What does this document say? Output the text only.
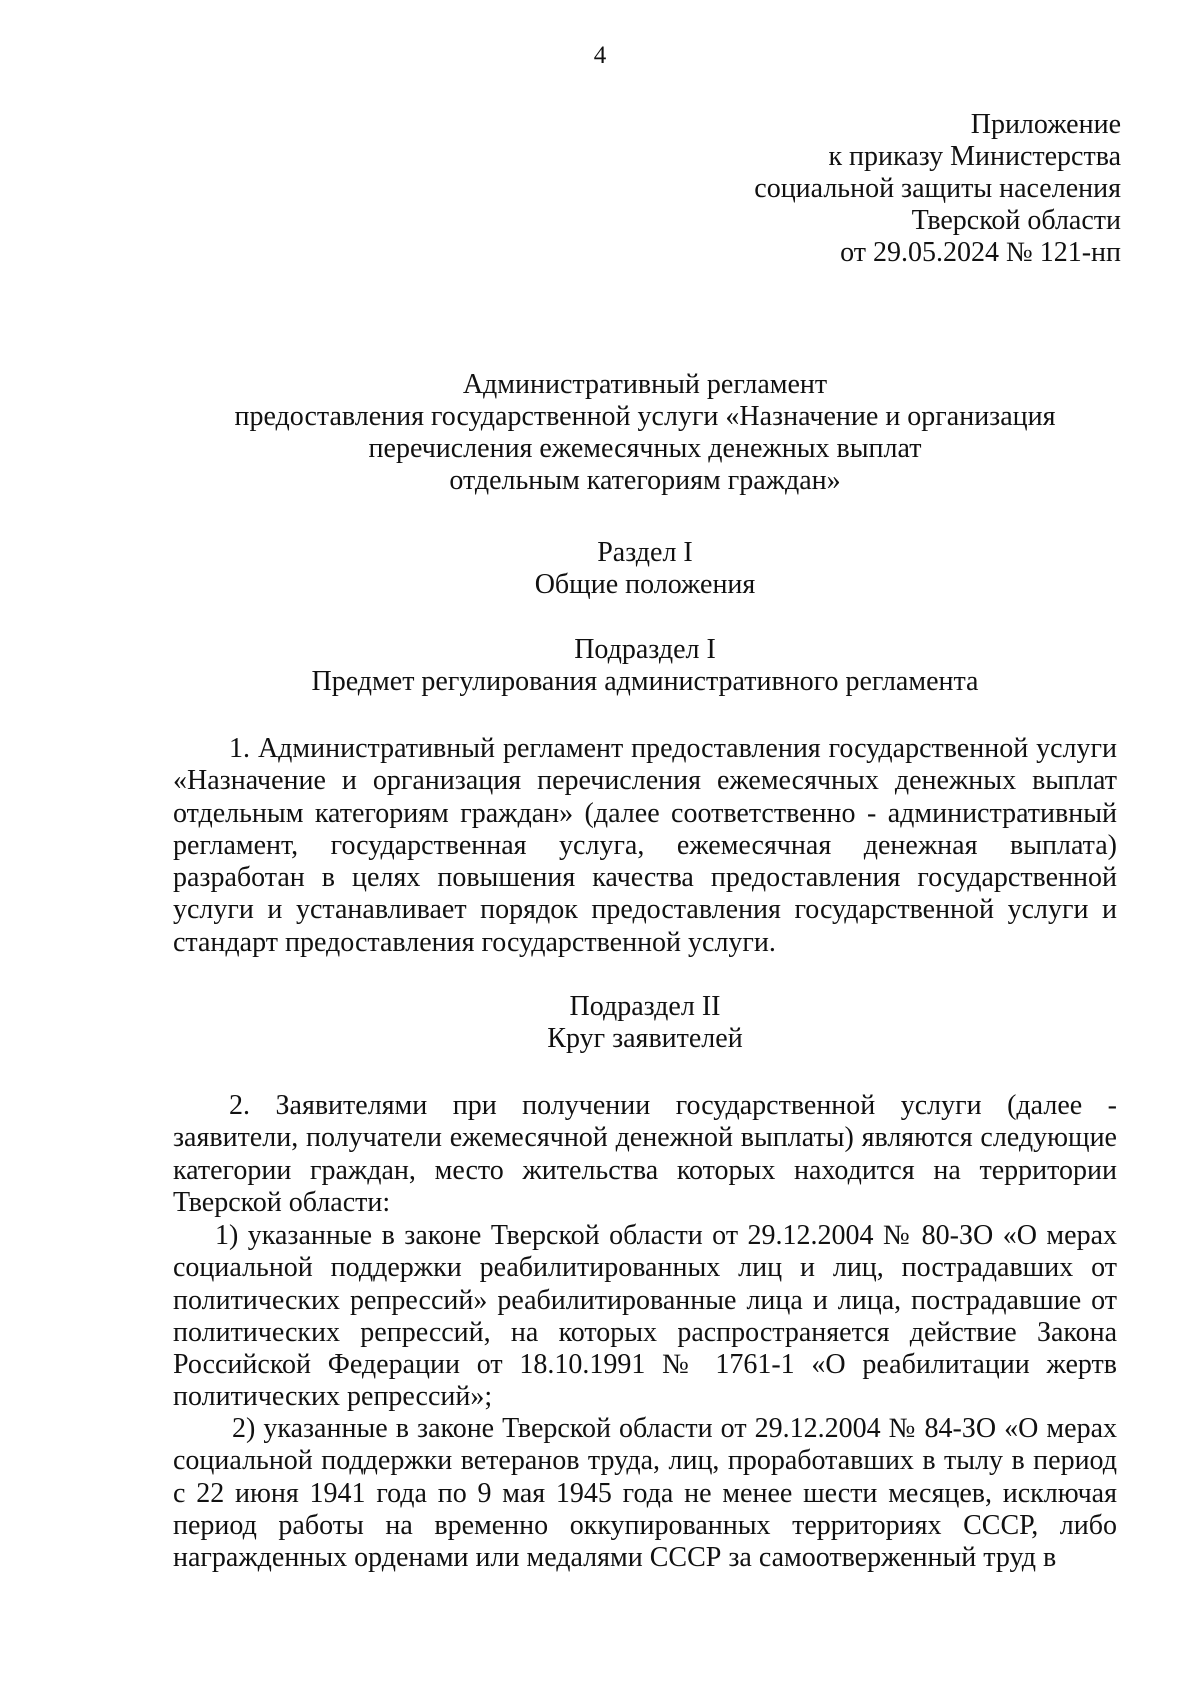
4
Приложение
к приказу Министерства
социальной защиты населения
Тверской области
от 29.05.2024 № 121-нп
Административный регламент
предоставления государственной услуги «Назначение и организация
перечисления ежемесячных денежных выплат
отдельным категориям граждан»
Раздел I
Общие положения
Подраздел I
Предмет регулирования административного регламента

1. Административный регламент предоставления государственной услуги «Назначение и организация перечисления ежемесячных денежных выплат отдельным категориям граждан» (далее соответственно - административный регламент, государственная услуга, ежемесячная денежная выплата) разработан в целях повышения качества предоставления государственной услуги и устанавливает порядок предоставления государственной услуги и стандарт предоставления государственной услуги.

Подраздел II
Круг заявителей

2. Заявителями при получении государственной услуги (далее - заявители, получатели ежемесячной денежной выплаты) являются следующие категории граждан, место жительства которых находится на территории Тверской области:

1) указанные в законе Тверской области от 29.12.2004 № 80-ЗО «О мерах социальной поддержки реабилитированных лиц и лиц, пострадавших от политических репрессий» реабилитированные лица и лица, пострадавшие от политических репрессий, на которых распространяется действие Закона Российской Федерации от 18.10.1991 № 1761-1 «О реабилитации жертв политических репрессий»;

2) указанные в законе Тверской области от 29.12.2004 № 84-ЗО «О мерах социальной поддержки ветеранов труда, лиц, проработавших в тылу в период с 22 июня 1941 года по 9 мая 1945 года не менее шести месяцев, исключая период работы на временно оккупированных территориях СССР, либо награжденных орденами или медалями СССР за самоотверженный труд в
